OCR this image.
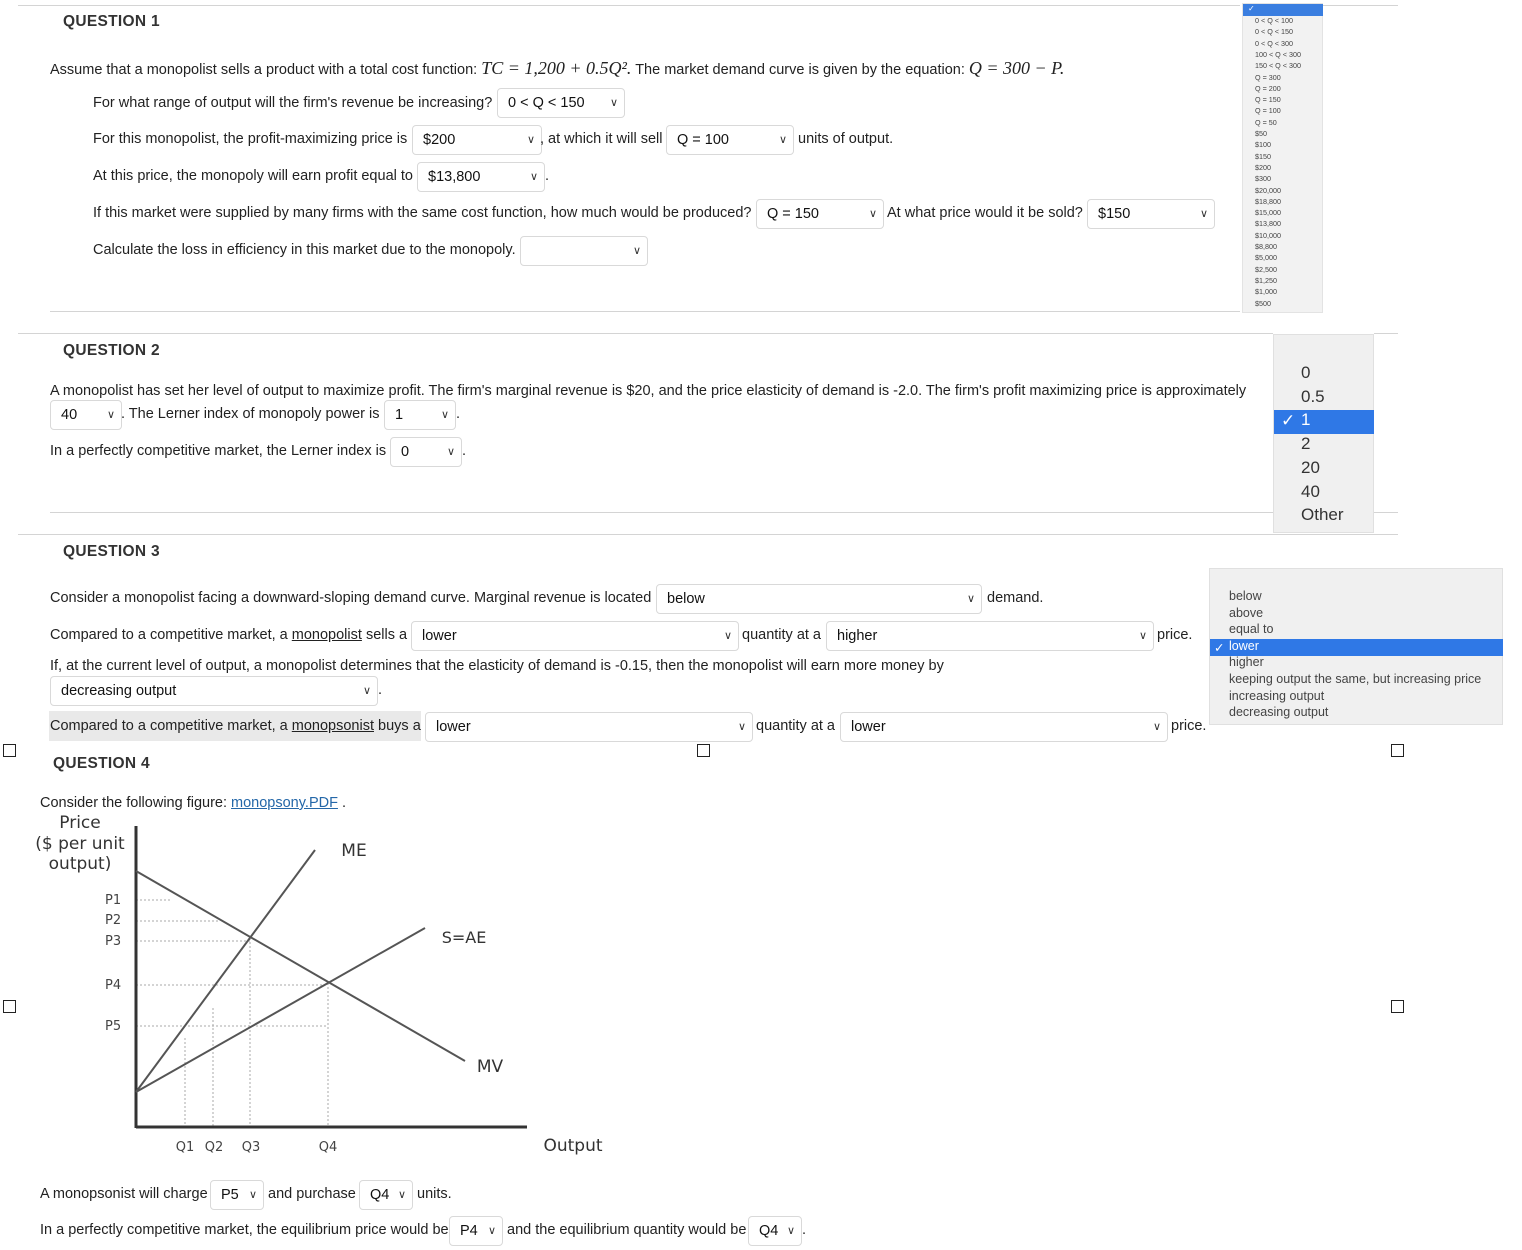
QUESTION 1
Assume that a monopolist sells a product with a total cost function: TC = 1,200 + 0.5Q². The market demand curve is given by the equation: Q = 300 − P.
For what range of output will the firm's revenue be increasing?	0 < Q < 150 ∨
For this monopolist, the profit-maximizing price is	$200	∨ , at which it will sell	Q = 100	∨ units of output.
At this price, the monopoly will earn profit equal to	$13,800	∨ .
If this market were supplied by many firms with the same cost function, how much would be produced?	Q = 150	∨ At what price would it be sold?	$150	∨
Calculate the loss in efficiency in this market due to the monopoly.	∨
✓
0 < Q < 100
0 < Q < 150
0 < Q < 300
100 < Q < 300
150 < Q < 300
Q = 300
Q = 200
Q = 150
Q = 100
Q = 50
$50
$100
$150
$200
$300
$20,000
$18,800
$15,000
$13,800
$10,000
$8,800
$5,000
$2,500
$1,250
$1,000
$500
QUESTION 2
A monopolist has set her level of output to maximize profit. The firm's marginal revenue is $20, and the price elasticity of demand is -2.0. The firm's profit maximizing price is approximately
40	∨ . The Lerner index of monopoly power is	1	∨ .
In a perfectly competitive market, the Lerner index is	0	∨ .
✓
0
0.5
1
2
20
40
Other
QUESTION 3
Consider a monopolist facing a downward-sloping demand curve. Marginal revenue is located	below	∨ demand.
Compared to a competitive market, a monopolist sells a	lower	∨ quantity at a	higher	∨ price.
If, at the current level of output, a monopolist determines that the elasticity of demand is -0.15, then the monopolist will earn more money by
decreasing output	∨ .
Compared to a competitive market, a monopsonist buys a	lower	∨ quantity at a	lower	∨ price.
✓
below
above
equal to
lower
higher
keeping output the same, but increasing price
increasing output
decreasing output
QUESTION 4
Consider the following figure: monopsony.PDF .
Price
($ per unit
output)
ME
S=AE
MV
P1
P2
P3
P4
P5
Q1 Q2 Q3	Q4	Output
A monopsonist will charge P5 ∨ and purchase Q4 ∨ units.
In a perfectly competitive market, the equilibrium price would be P4 ∨ and the equilibrium quantity would be Q4 ∨ .
